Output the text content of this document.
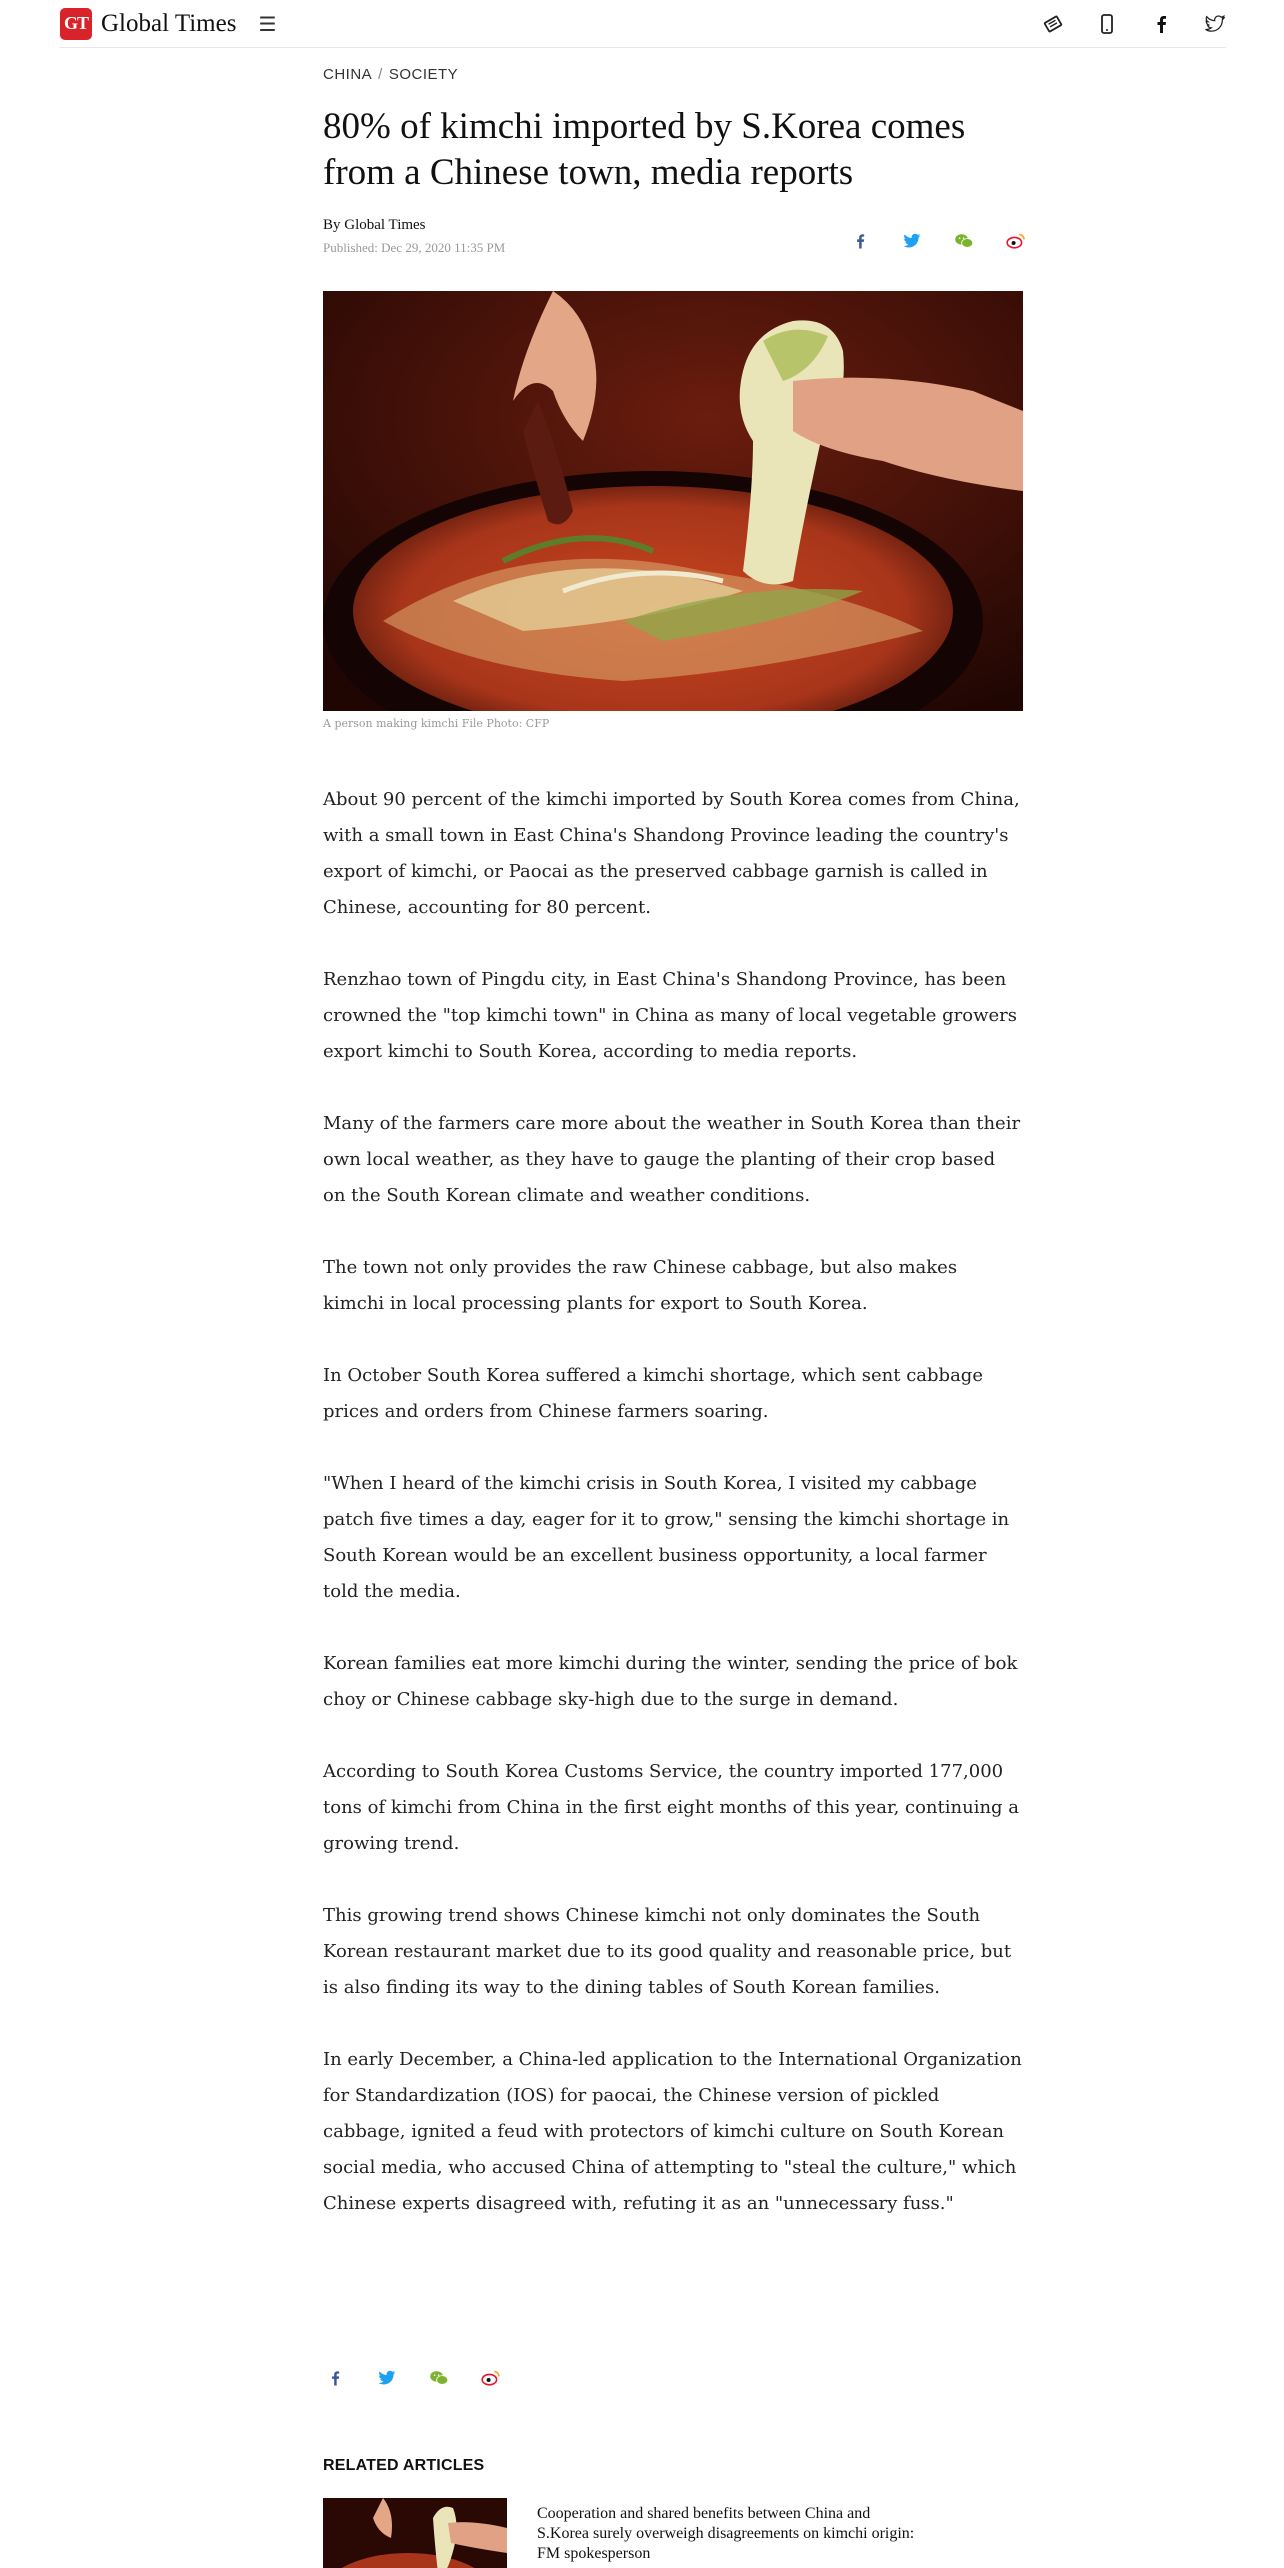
GT Global Times ☰
CHINA / SOCIETY
80% of kimchi imported by S.Korea comes from a Chinese town, media reports
By Global Times
Published: Dec 29, 2020 11:35 PM
A person making kimchi File Photo: CFP

About 90 percent of the kimchi imported by South Korea comes from China, with a small town in East China's Shandong Province leading the country's export of kimchi, or Paocai as the preserved cabbage garnish is called in Chinese, accounting for 80 percent.

Renzhao town of Pingdu city, in East China's Shandong Province, has been crowned the "top kimchi town" in China as many of local vegetable growers export kimchi to South Korea, according to media reports.

Many of the farmers care more about the weather in South Korea than their own local weather, as they have to gauge the planting of their crop based on the South Korean climate and weather conditions.

The town not only provides the raw Chinese cabbage, but also makes kimchi in local processing plants for export to South Korea.

In October South Korea suffered a kimchi shortage, which sent cabbage prices and orders from Chinese farmers soaring.

"When I heard of the kimchi crisis in South Korea, I visited my cabbage patch five times a day, eager for it to grow," sensing the kimchi shortage in South Korean would be an excellent business opportunity, a local farmer told the media.

Korean families eat more kimchi during the winter, sending the price of bok choy or Chinese cabbage sky-high due to the surge in demand.

According to South Korea Customs Service, the country imported 177,000 tons of kimchi from China in the first eight months of this year, continuing a growing trend.

This growing trend shows Chinese kimchi not only dominates the South Korean restaurant market due to its good quality and reasonable price, but is also finding its way to the dining tables of South Korean families.

In early December, a China-led application to the International Organization for Standardization (IOS) for paocai, the Chinese version of pickled cabbage, ignited a feud with protectors of kimchi culture on South Korean social media, who accused China of attempting to "steal the culture," which Chinese experts disagreed with, refuting it as an "unnecessary fuss."

RELATED ARTICLES
Cooperation and shared benefits between China and S.Korea surely overweigh disagreements on kimchi origin: FM spokesperson
